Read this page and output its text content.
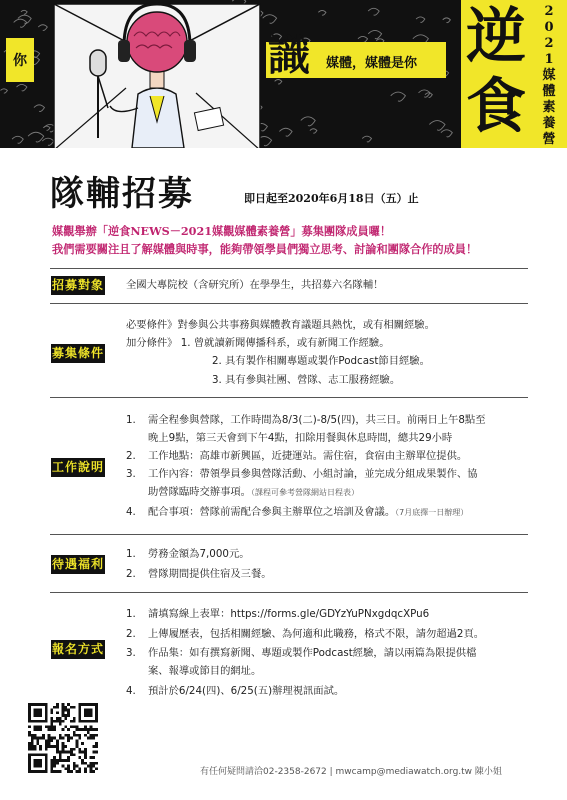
你	識 媒體，媒體是你 逆
食
2
0
2
1
媒
體
素
養
營
隊輔招募	即日起至2020年6月18日（五）止
媒觀舉辦「逆食NEWS－2021媒觀媒體素養營」募集團隊成員囉！
我們需要關注且了解媒體與時事，能夠帶領學員們獨立思考、討論和團隊合作的成員！
招募對象 全國大專院校（含研究所）在學學生，共招募六名隊輔！
募集條件
必要條件》對參與公共事務與媒體教育議題具熱忱，或有相關經驗。
加分條件》 1. 曾就讀新聞傳播科系，或有新聞工作經驗。
2. 具有製作相關專題或製作Podcast節目經驗。
3. 具有參與社團、營隊、志工服務經驗。
工作說明
1. 需全程參與營隊，工作時間為8/3(二)-8/5(四)，共三日。前兩日上午8點至
晚上9點，第三天會到下午4點，扣除用餐與休息時間，總共29小時
2. 工作地點：高雄市新興區，近捷運站。需住宿，食宿由主辦單位提供。
3. 工作內容：帶領學員參與營隊活動、小組討論，並完成分組成果製作、協
助營隊臨時交辦事項。（課程可參考營隊網站日程表）
4. 配合事項：營隊前需配合參與主辦單位之培訓及會議。（7月底擇一日辦理）
待遇福利
1. 勞務金額為7,000元。
2. 營隊期間提供住宿及三餐。
報名方式
1. 請填寫線上表單：https://forms.gle/GDYzYuPNxgdqcXPu6
2. 上傳履歷表，包括相關經驗、為何適和此職務，格式不限，請勿超過2頁。
3. 作品集：如有撰寫新聞、專題或製作Podcast經驗，請以兩篇為限提供檔
案、報導或節目的網址。
4. 預計於6/24(四)、6/25(五)辦理視訊面試。
有任何疑問請洽02-2358-2672 | mwcamp@mediawatch.org.tw 陳小姐
